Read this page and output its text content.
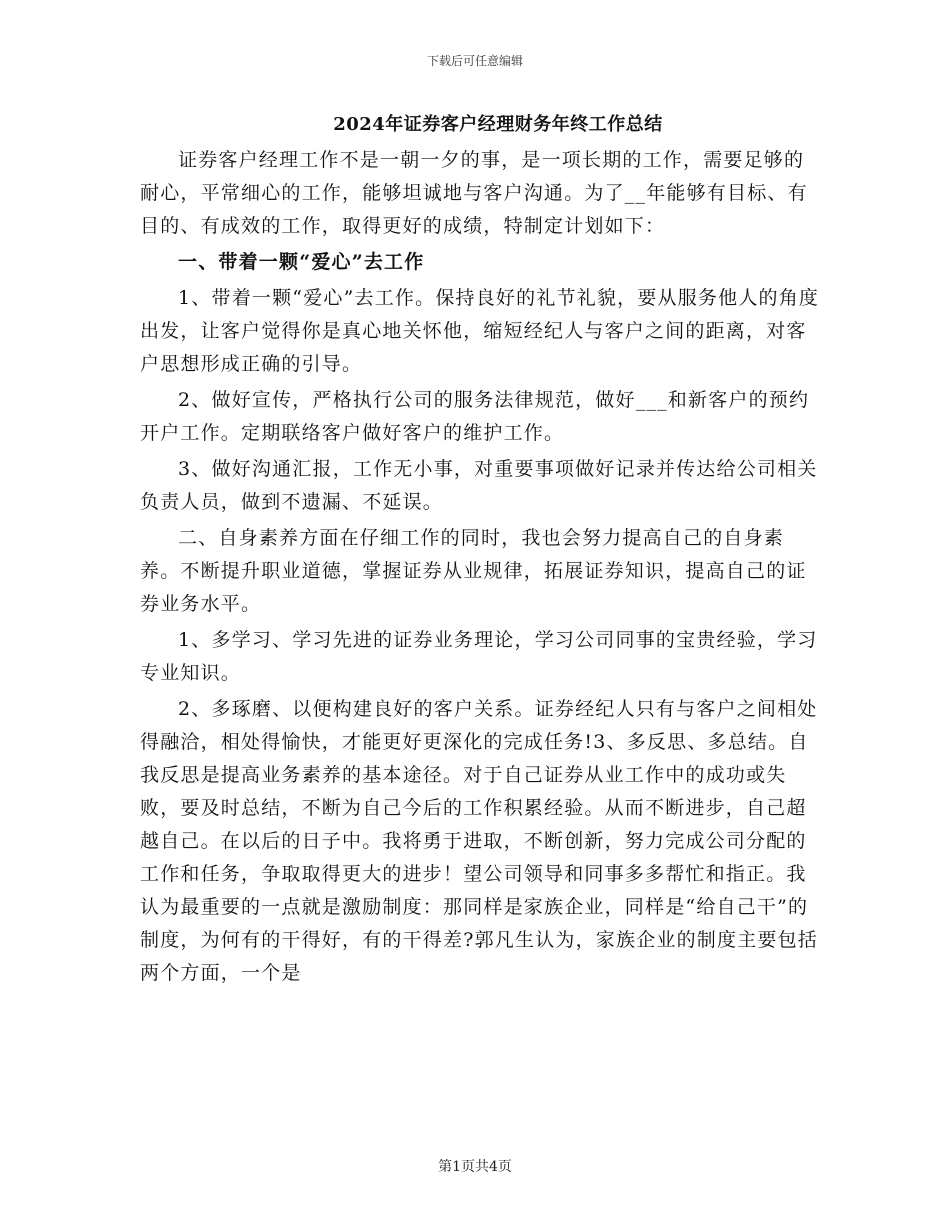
下载后可任意编辑
2024年证券客户经理财务年终工作总结

证券客户经理工作不是一朝一夕的事，是一项长期的工作，需要足够的耐心，平常细心的工作，能够坦诚地与客户沟通。为了__年能够有目标、有目的、有成效的工作，取得更好的成绩，特制定计划如下：

一、带着一颗“爱心”去工作

1、带着一颗“爱心”去工作。保持良好的礼节礼貌，要从服务他人的角度出发，让客户觉得你是真心地关怀他，缩短经纪人与客户之间的距离，对客户思想形成正确的引导。

2、做好宣传，严格执行公司的服务法律规范，做好___和新客户的预约开户工作。定期联络客户做好客户的维护工作。

3、做好沟通汇报，工作无小事，对重要事项做好记录并传达给公司相关负责人员，做到不遗漏、不延误。

二、自身素养方面在仔细工作的同时，我也会努力提高自己的自身素养。不断提升职业道德，掌握证券从业规律，拓展证券知识，提高自己的证券业务水平。

1、多学习、学习先进的证券业务理论，学习公司同事的宝贵经验，学习专业知识。

2、多琢磨、以便构建良好的客户关系。证券经纪人只有与客户之间相处得融洽，相处得愉快，才能更好更深化的完成任务!3、多反思、多总结。自我反思是提高业务素养的基本途径。对于自己证券从业工作中的成功或失败，要及时总结，不断为自己今后的工作积累经验。从而不断进步，自己超越自己。在以后的日子中。我将勇于进取，不断创新，努力完成公司分配的工作和任务，争取取得更大的进步！望公司领导和同事多多帮忙和指正。我认为最重要的一点就是激励制度：那同样是家族企业，同样是“给自己干”的制度，为何有的干得好，有的干得差?郭凡生认为，家族企业的制度主要包括两个方面，一个是

第1页共4页
